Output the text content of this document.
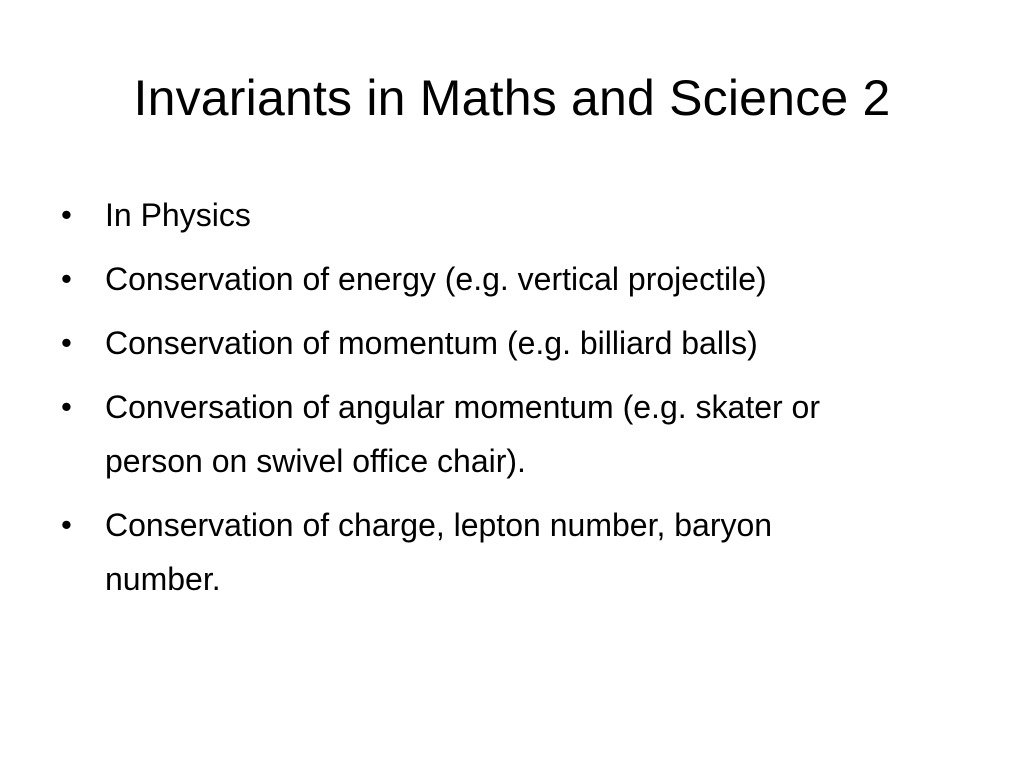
Invariants in Maths and Science 2
•	In Physics
•	Conservation of energy (e.g. vertical projectile)
•	Conservation of momentum (e.g. billiard balls)
•	Conversation of angular momentum (e.g. skater or person on swivel office chair).
•	Conservation of charge, lepton number, baryon number.
